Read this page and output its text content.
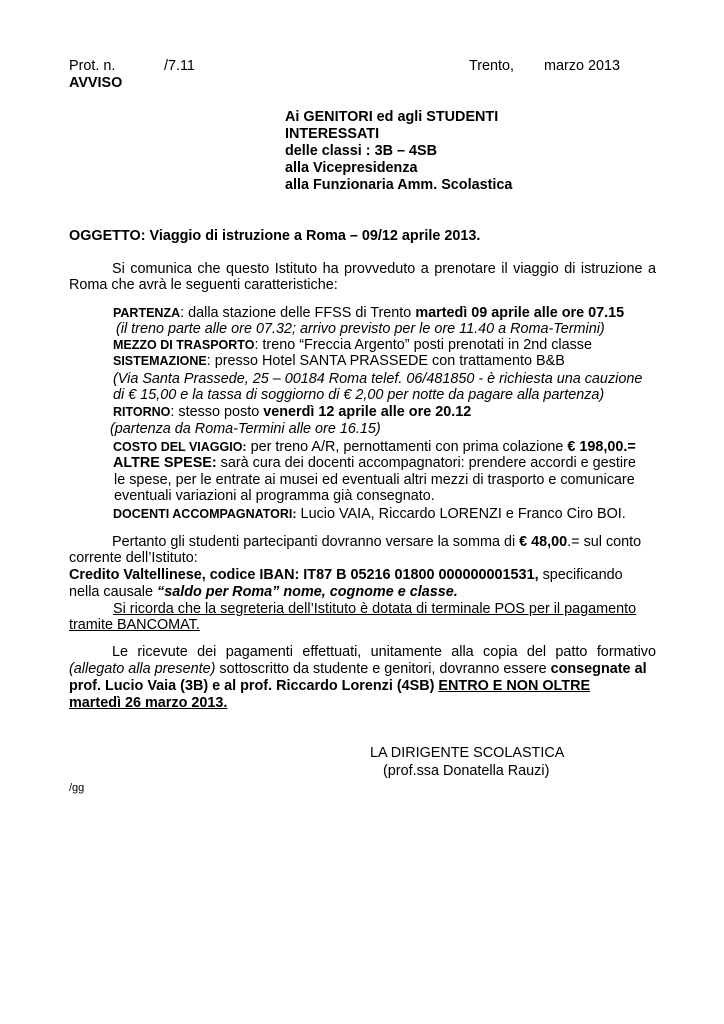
Prot. n.	/7.11	Trento, marzo 2013
AVVISO
Ai GENITORI ed agli STUDENTI
INTERESSATI
delle classi : 3B – 4SB
alla Vicepresidenza
alla Funzionaria Amm. Scolastica
OGGETTO: Viaggio di istruzione a Roma – 09/12 aprile 2013.
Si comunica che questo Istituto ha provveduto a prenotare il viaggio di istruzione a
Roma che avrà le seguenti caratteristiche:
PARTENZA: dalla stazione delle FFSS di Trento martedì 09 aprile alle ore 07.15
(il treno parte alle ore 07.32; arrivo previsto per le ore 11.40 a Roma-Termini)
MEZZO DI TRASPORTO: treno “Freccia Argento” posti prenotati in 2nd classe
SISTEMAZIONE: presso Hotel SANTA PRASSEDE con trattamento B&B
(Via Santa Prassede, 25 – 00184 Roma telef. 06/481850 - è richiesta una cauzione
di € 15,00 e la tassa di soggiorno di € 2,00 per notte da pagare alla partenza)
RITORNO: stesso posto venerdì 12 aprile alle ore 20.12
(partenza da Roma-Termini alle ore 16.15)
COSTO DEL VIAGGIO: per treno A/R, pernottamenti con prima colazione € 198,00.=
ALTRE SPESE: sarà cura dei docenti accompagnatori: prendere accordi e gestire
le spese, per le entrate ai musei ed eventuali altri mezzi di trasporto e comunicare
eventuali variazioni al programma già consegnato.
DOCENTI ACCOMPAGNATORI: Lucio VAIA, Riccardo LORENZI e Franco Ciro BOI.
Pertanto gli studenti partecipanti dovranno versare la somma di € 48,00.= sul conto
corrente dell’Istituto:
Credito Valtellinese, codice IBAN: IT87 B 05216 01800 000000001531, specificando
nella causale “saldo per Roma” nome, cognome e classe.
Si ricorda che la segreteria dell’Istituto è dotata di terminale POS per il pagamento
tramite BANCOMAT.
Le ricevute dei pagamenti effettuati, unitamente alla copia del patto formativo
(allegato alla presente) sottoscritto da studente e genitori, dovranno essere consegnate al
prof. Lucio Vaia (3B) e al prof. Riccardo Lorenzi (4SB) ENTRO E NON OLTRE
martedì 26 marzo 2013.
LA DIRIGENTE SCOLASTICA
(prof.ssa Donatella Rauzi)
/gg
